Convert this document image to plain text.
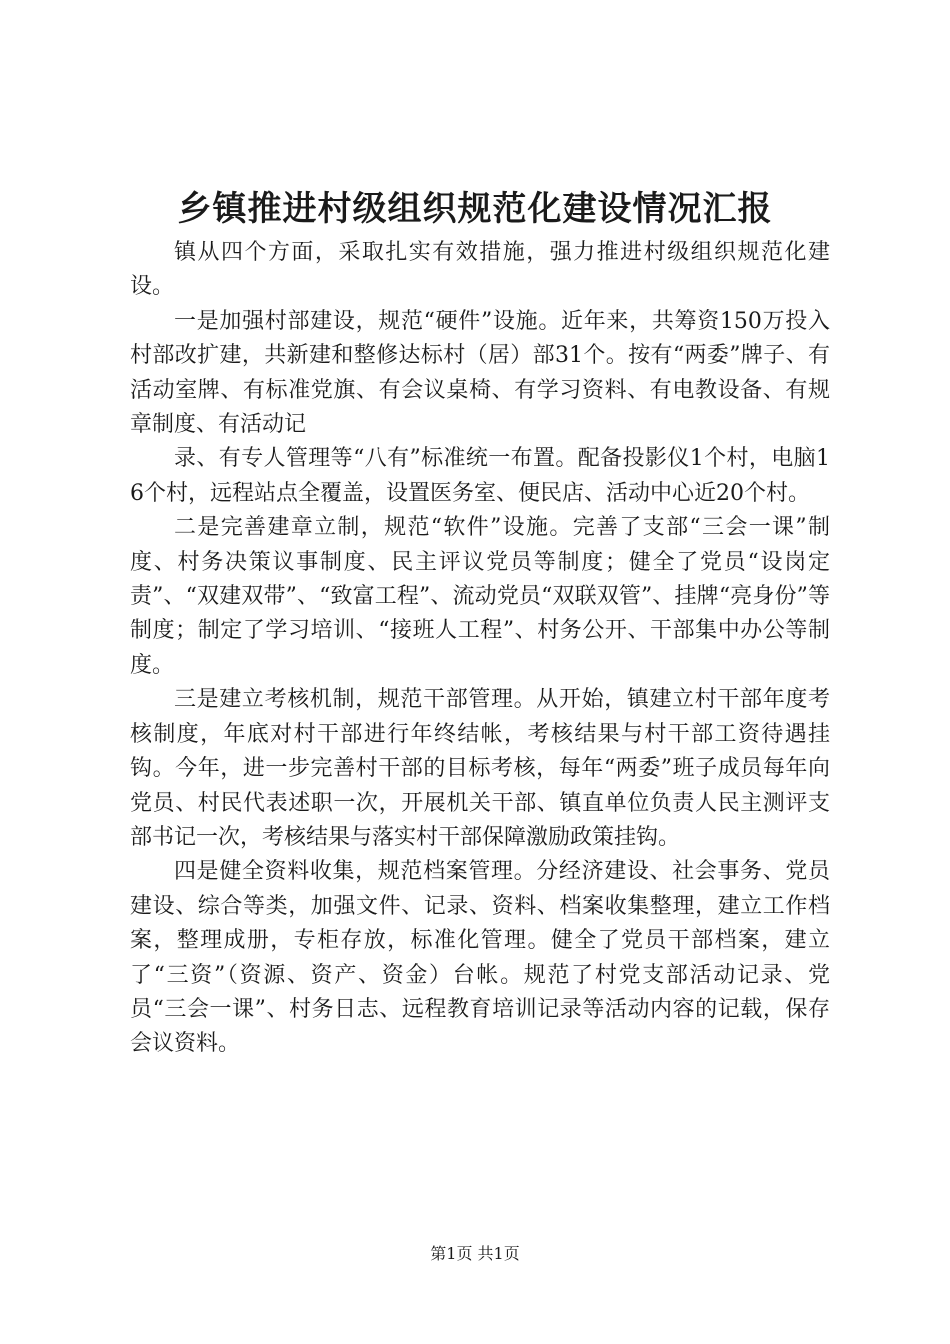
乡镇推进村级组织规范化建设情况汇报

镇从四个方面，采取扎实有效措施，强力推进村级组织规范化建设。

一是加强村部建设，规范“硬件”设施。近年来，共筹资150万投入村部改扩建，共新建和整修达标村（居）部31个。按有“两委”牌子、有活动室牌、有标准党旗、有会议桌椅、有学习资料、有电教设备、有规章制度、有活动记

录、有专人管理等“八有”标准统一布置。配备投影仪1个村，电脑16个村，远程站点全覆盖，设置医务室、便民店、活动中心近20个村。

二是完善建章立制，规范“软件”设施。完善了支部“三会一课”制度、村务决策议事制度、民主评议党员等制度；健全了党员“设岗定责”、“双建双带”、“致富工程”、流动党员“双联双管”、挂牌“亮身份”等制度；制定了学习培训、“接班人工程”、村务公开、干部集中办公等制度。

三是建立考核机制，规范干部管理。从开始，镇建立村干部年度考核制度，年底对村干部进行年终结帐，考核结果与村干部工资待遇挂钩。今年，进一步完善村干部的目标考核，每年“两委”班子成员每年向党员、村民代表述职一次，开展机关干部、镇直单位负责人民主测评支部书记一次，考核结果与落实村干部保障激励政策挂钩。

四是健全资料收集，规范档案管理。分经济建设、社会事务、党员建设、综合等类，加强文件、记录、资料、档案收集整理，建立工作档案，整理成册，专柜存放，标准化管理。健全了党员干部档案，建立了“三资”（资源、资产、资金）台帐。规范了村党支部活动记录、党员“三会一课”、村务日志、远程教育培训记录等活动内容的记载，保存会议资料。

第1页 共1页
